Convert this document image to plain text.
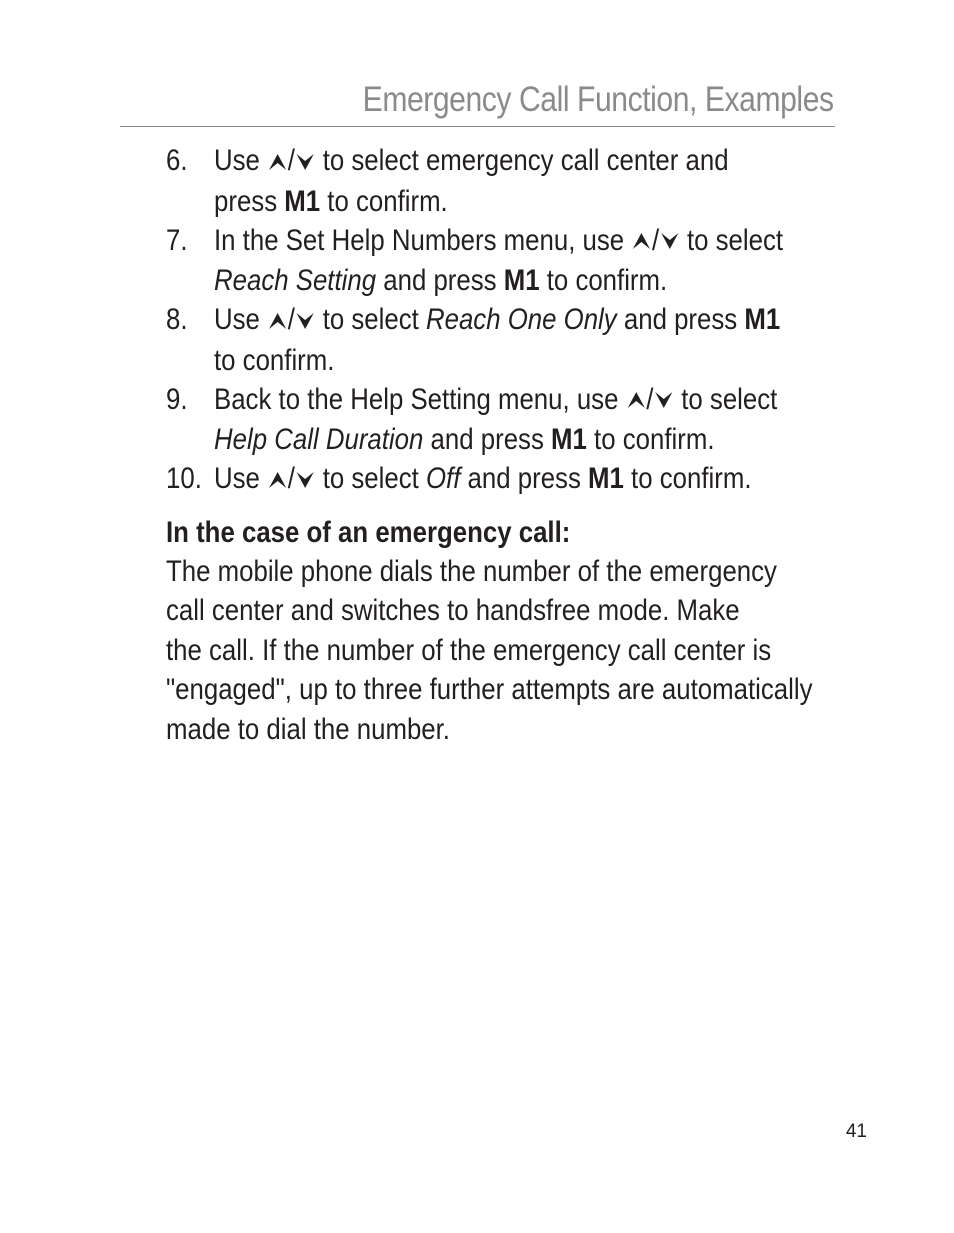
Emergency Call Function, Examples
6. Use / to select emergency call center and
press M1 to confirm.
7. In the Set Help Numbers menu, use / to select
Reach Setting and press M1 to confirm.
8. Use / to select Reach One Only and press M1
to confirm.
9. Back to the Help Setting menu, use / to select
Help Call Duration and press M1 to confirm.
10. Use / to select Off and press M1 to confirm.
In the case of an emergency call:
The mobile phone dials the number of the emergency
call center and switches to handsfree mode. Make
the call. If the number of the emergency call center is
"engaged", up to three further attempts are automatically
made to dial the number.
41
